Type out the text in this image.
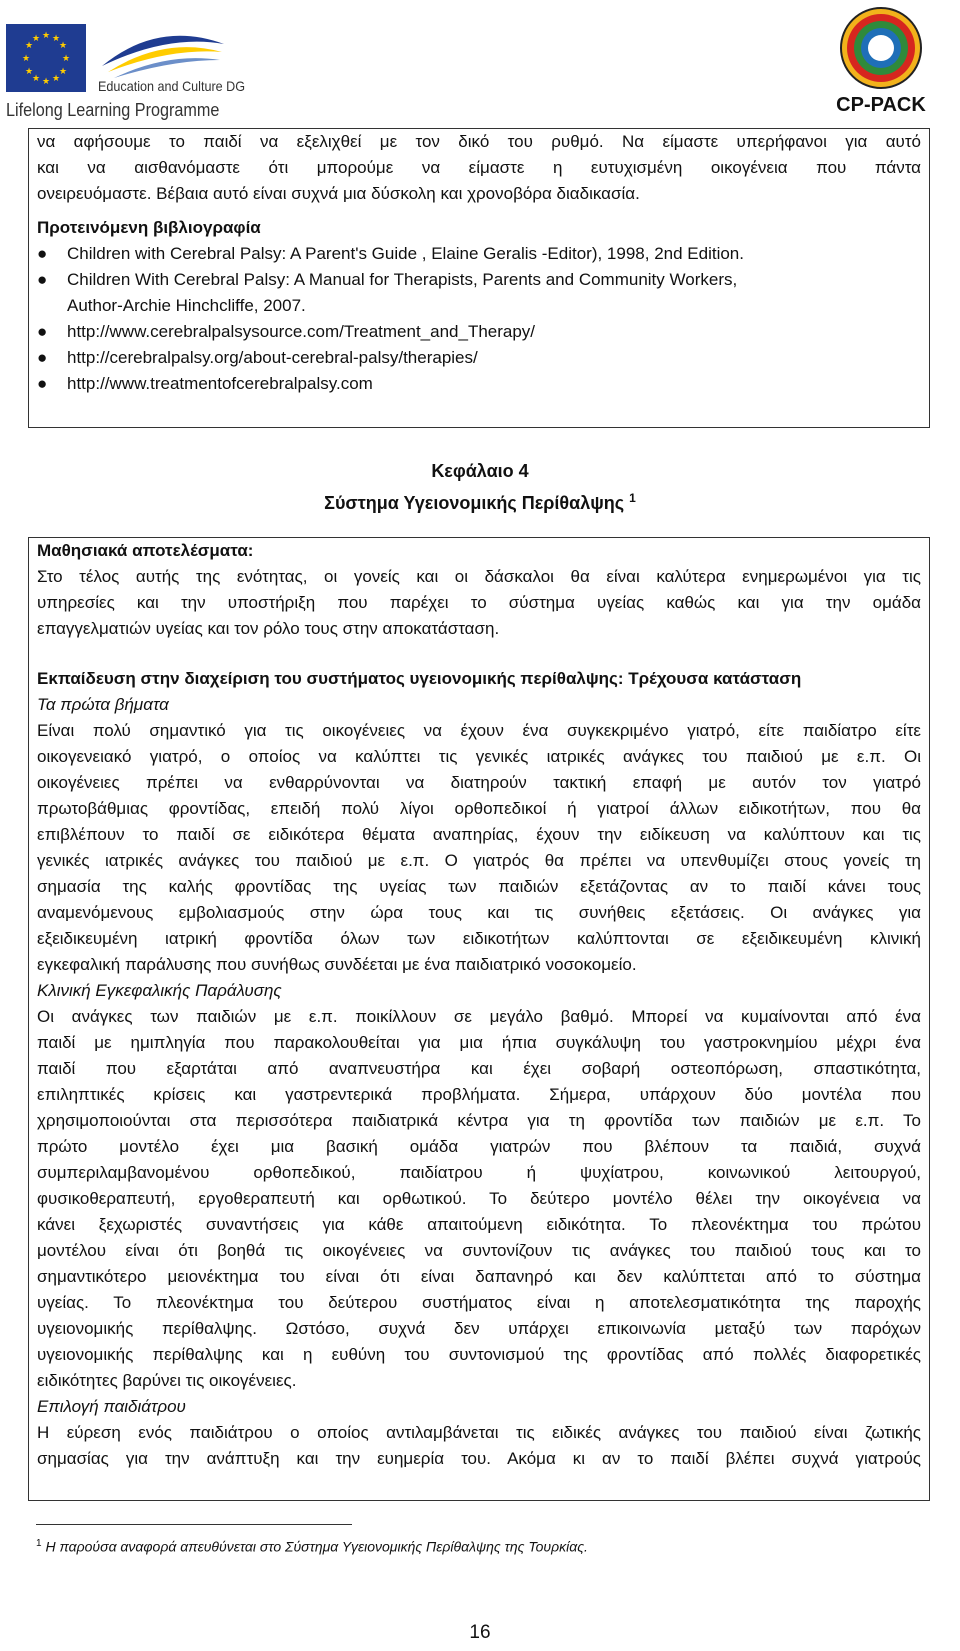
★ ★
★
★
★
★
★
★
★
★
★
★
Education and Culture DG
Lifelong Learning Programme	CP-PACK
να αφήσουμε το παιδί να εξελιχθεί με τον δικό του ρυθμό. Να είμαστε υπερήφανοι για αυτό
και να αισθανόμαστε ότι μπορούμε να είμαστε η ευτυχισμένη οικογένεια που πάντα
ονειρευόμαστε. Βέβαια αυτό είναι συχνά μια δύσκολη και χρονοβόρα διαδικασία.
Προτεινόμενη βιβλιογραφία
●	Children with Cerebral Palsy: A Parent's Guide , Elaine Geralis -Editor), 1998, 2nd Edition.
●	Children With Cerebral Palsy: A Manual for Therapists, Parents and Community Workers,
Author-Archie Hinchcliffe, 2007.
●	http://www.cerebralpalsysource.com/Treatment_and_Therapy/
●	http://cerebralpalsy.org/about-cerebral-palsy/therapies/
●	http://www.treatmentofcerebralpalsy.com
Κεφάλαιο 4
Σύστημα Υγειονομικής Περίθαλψης $^1$
Μαθησιακά αποτελέσματα:
Στο τέλος αυτής της ενότητας, οι γονείς και οι δάσκαλοι θα είναι καλύτερα ενημερωμένοι για τις
υπηρεσίες και την υποστήριξη που παρέχει το σύστημα υγείας καθώς και για την ομάδα
επαγγελματιών υγείας και τον ρόλο τους στην αποκατάσταση.
Εκπαίδευση στην διαχείριση του συστήματος υγειονομικής περίθαλψης: Τρέχουσα κατάσταση
Τα πρώτα βήματα
Είναι πολύ σημαντικό για τις οικογένειες να έχουν ένα συγκεκριμένο γιατρό, είτε παιδίατρο είτε
οικογενειακό γιατρό, ο οποίος να καλύπτει τις γενικές ιατρικές ανάγκες του παιδιού με ε.π. Οι
οικογένειες πρέπει να ενθαρρύνονται να διατηρούν τακτική επαφή με αυτόν τον γιατρό
πρωτοβάθμιας φροντίδας, επειδή πολύ λίγοι ορθοπεδικοί ή γιατροί άλλων ειδικοτήτων, που θα
επιβλέπουν το παιδί σε ειδικότερα θέματα αναπηρίας, έχουν την ειδίκευση να καλύπτουν και τις
γενικές ιατρικές ανάγκες του παιδιού με ε.π. Ο γιατρός θα πρέπει να υπενθυμίζει στους γονείς τη
σημασία της καλής φροντίδας της υγείας των παιδιών εξετάζοντας αν το παιδί κάνει τους
αναμενόμενους εμβολιασμούς στην ώρα τους και τις συνήθεις εξετάσεις. Οι ανάγκες για
εξειδικευμένη ιατρική φροντίδα όλων των ειδικοτήτων καλύπτονται σε εξειδικευμένη κλινική
εγκεφαλική παράλυσης που συνήθως συνδέεται με ένα παιδιατρικό νοσοκομείο.
Κλινική Εγκεφαλικής Παράλυσης
Οι ανάγκες των παιδιών με ε.π. ποικίλλουν σε μεγάλο βαθμό. Μπορεί να κυμαίνονται από ένα
παιδί με ημιπληγία που παρακολουθείται για μια ήπια συγκάλυψη του γαστροκνημίου μέχρι ένα
παιδί που εξαρτάται από αναπνευστήρα και έχει σοβαρή οστεοπόρωση, σπαστικότητα,
επιληπτικές κρίσεις και γαστρεντερικά προβλήματα. Σήμερα, υπάρχουν δύο μοντέλα που
χρησιμοποιούνται στα περισσότερα παιδιατρικά κέντρα για τη φροντίδα των παιδιών με ε.π. Το
πρώτο μοντέλο έχει μια βασική ομάδα γιατρών που βλέπουν τα παιδιά, συχνά
συμπεριλαμβανομένου ορθοπεδικού, παιδίατρου ή ψυχίατρου, κοινωνικού λειτουργού,
φυσικοθεραπευτή, εργοθεραπευτή και ορθωτικού. Το δεύτερο μοντέλο θέλει την οικογένεια να
κάνει ξεχωριστές συναντήσεις για κάθε απαιτούμενη ειδικότητα. Το πλεονέκτημα του πρώτου
μοντέλου είναι ότι βοηθά τις οικογένειες να συντονίζουν τις ανάγκες του παιδιού τους και το
σημαντικότερο μειονέκτημα του είναι ότι είναι δαπανηρό και δεν καλύπτεται από το σύστημα
υγείας. Το πλεονέκτημα του δεύτερου συστήματος είναι η αποτελεσματικότητα της παροχής
υγειονομικής περίθαλψης. Ωστόσο, συχνά δεν υπάρχει επικοινωνία μεταξύ των παρόχων
υγειονομικής περίθαλψης και η ευθύνη του συντονισμού της φροντίδας από πολλές διαφορετικές
ειδικότητες βαρύνει τις οικογένειες.
Επιλογή παιδιάτρου
Η εύρεση ενός παιδιάτρου ο οποίος αντιλαμβάνεται τις ειδικές ανάγκες του παιδιού είναι ζωτικής
σημασίας για την ανάπτυξη και την ευημερία του. Ακόμα κι αν το παιδί βλέπει συχνά γιατρούς
$^1$ Η παρούσα αναφορά απευθύνεται στο Σύστημα Υγειονομικής Περίθαλψης της Τουρκίας.
16
